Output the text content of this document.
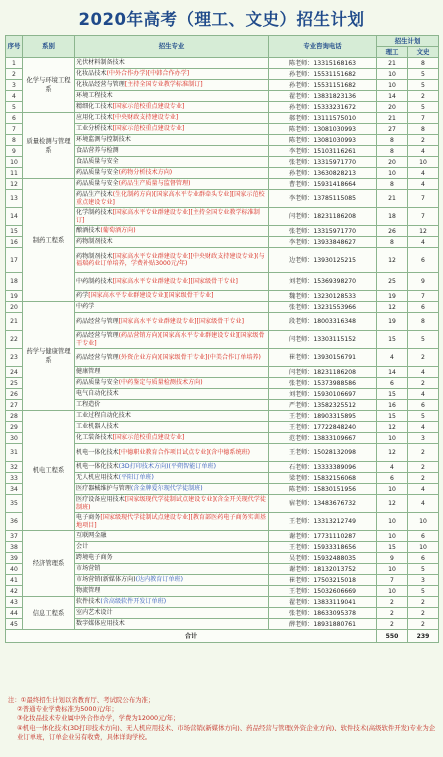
2020年高考（理工、文史）招生计划
序号	系别	招生专业	专业咨询电话	招生计划	
				理工	文史
1	化学与环境工程系	光伏材料制备技术	陈老师：13315168163	21	8
2		化妆品技术(中外合作办学)[中韩合作办学]	孙老师：15531151682	10	5
3		化妆品经营与管理[主持全国专业教学标准制订]	孙老师：15531151682	10	5
4		环境工程技术	翟老师：13831823136	14	2
5		精细化工技术[国家示范校重点建设专业]	孙老师：15333231672	20	5
6	质量检测与管理系	应用化工技术[中央财政支持建设专业]	郝老师：13111575010	21	7
7		工业分析技术[国家示范校重点建设专业]	陈老师：13081030993	27	8
8		环境监测与控制技术	陈老师：13081030993	8	2
9		食品营养与检测	李老师：15103116261	8	4
10		食品质量与安全	张老师：13315971770	20	10
11		药品质量与安全(药物分析技术方向)	孙老师：13630828213	10	4
12	制药工程系	药品质量与安全(药品生产质量与监督管理)	曹老师：15931418664	8	4
13		药品生产技术(生化制药方向)[国家高水平专业群牵头专业][国家示范校重点建设专业]	李老师：13785115085	21	7
14		化学制药技术[国家高水平专业群建设专业][主持全国专业教学标准制订]	闫老师：18231186208	18	7
15		酿酒技术(葡萄酒方向)	张老师：13315971770	26	12
16		药物制剂技术	李老师：13933848627	8	4
17		药物制剂技术[国家高水平专业群建设专业][中央财政支持建设专业](与福瑞药业订单培养，学费补贴3000元/年)	边老师：13930125215	12	6
18		中药制药技术[国家高水平专业群建设专业][国家级骨干专业]	刘老师：15369398270	25	9
19		药学[国家高水平专业群建设专业][国家级骨干专业]	魏老师：13230128533	19	7
20	药学与健康管理系	中药学	张老师：13231553966	12	6
21		药品经营与管理[国家高水平专业群建设专业][国家级骨干专业]	段老师：18003316348	19	8
22		药品经营与管理(药品营销方向)[国家高水平专业群建设专业][国家级骨干专业]	闫老师：13303115152	15	5
23		药品经营与管理(外资企业方向)[国家级骨干专业](中美合作订单培养)	崔老师：13930156791	4	2
24		健康管理	闫老师：18231186208	14	4
25		药品质量与安全(中药鉴定与质量检测技术方向)	张老师：15373988586	6	2
26		电气自动化技术	刘老师：15930106697	15	4
27		工程造价	严老师：13582325512	16	6
28	机电工程系	工业过程自动化技术	王老师：18903315895	15	5
29		工业机器人技术	王老师：17722848240	12	4
30		化工装备技术[国家示范校重点建设专业]	范老师：13833109667	10	3
31		机电一体化技术[中德职业教育合作项目试点专业](含中德系统班)	王老师：15028132098	12	2
32		机电一体化技术(3D打印技术方向)(平朔智能订单班)	石老师：13333389096	4	2
33		无人机应用技术(平阳订单班)	梁老师：15832156068	6	2
34		医疗器械维护与管理(含金牌爱尔现代学徒制班)	陈老师：15830151956	10	4
35		医疗设备应用技术[国家级现代学徒制试点建设专业](含金开关现代学徒制班)	宿老师：13483676732	12	4
36		电子商务[国家级现代学徒制试点建设专业][教育部医药电子商务实训基地项目]	王老师：13313212749	10	10
37	经济管理系	互联网金融	谢老师：17731110287	10	6
38		会计	王老师：15933318656	15	10
39		跨境电子商务	吴老师：15932488035	9	6
40		市场营销	谢老师：18132013752	10	5
41		市场营销(新媒体方向)(达内教育订单班)	崔老师：17503215018	7	3
42		物流管理	王老师：15032606669	10	5
43	信息工程系	软件技术(含高级软件开发订单班)	翟老师：13833119041	2	2
44		室内艺术设计	张老师：18633095378	2	2
45		数字媒体应用技术	薛老师：18931880761	2	2
合计				550	239
注：①最终招生计划以省教育厅、考试院公布为准；
②普通专业学费标准为5000元/年；
③化妆品技术专业属中外合作办学，学费为12000元/年；
④机电一体化技术(3D打印技术方向)、无人机应用技术、市场营销(新媒体方向)、药品经营与管理(外资企业方向)、软件技术(高级软件开发)专业为企业订单班，订单企业另有收费，具体详询学校。
